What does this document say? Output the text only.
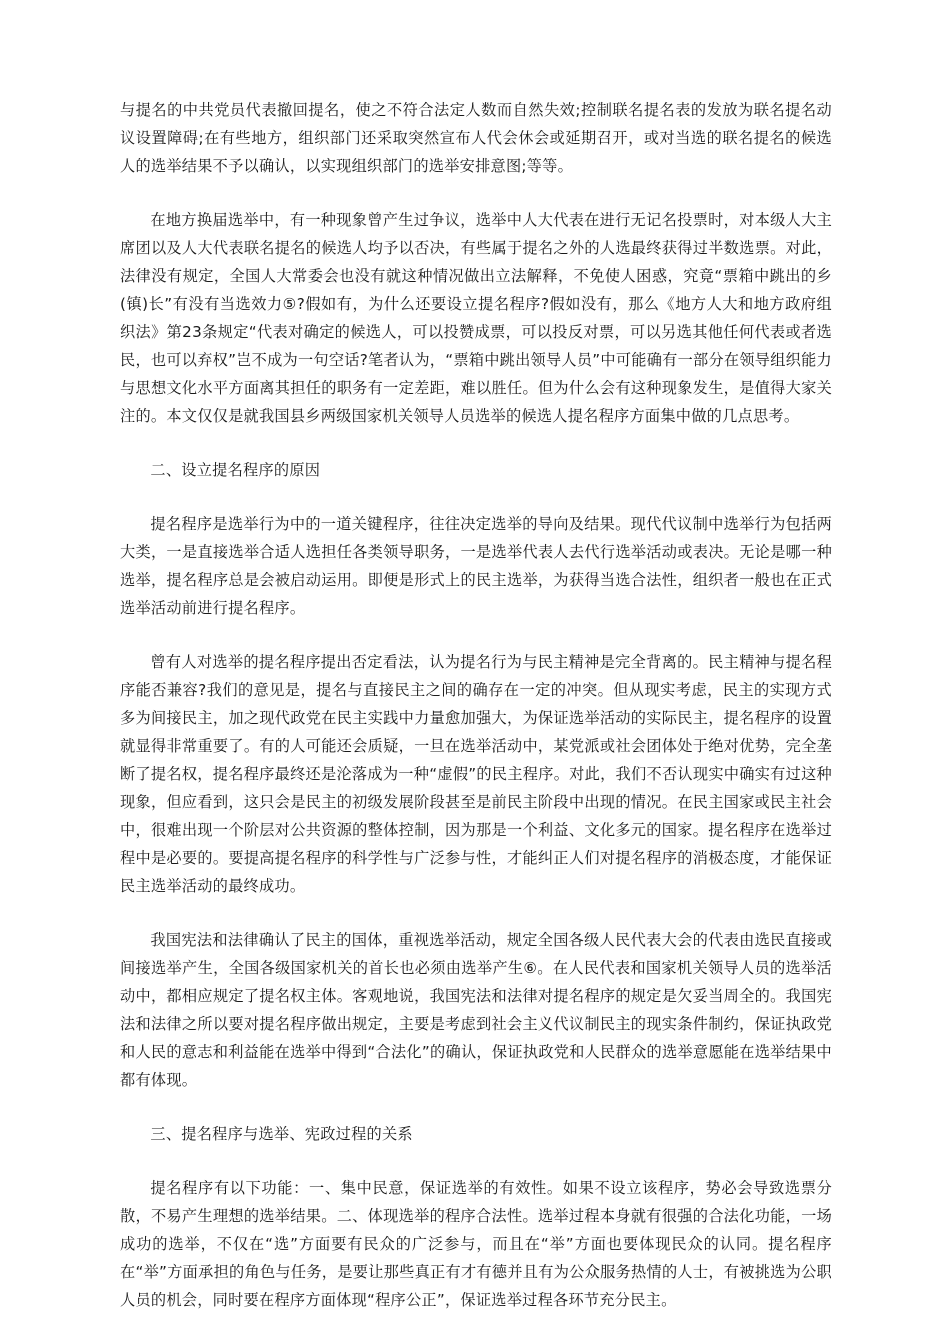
与提名的中共党员代表撤回提名，使之不符合法定人数而自然失效;控制联名提名表的发放为联名提名动议设置障碍;在有些地方，组织部门还采取突然宣布人代会休会或延期召开，或对当选的联名提名的候选人的选举结果不予以确认，以实现组织部门的选举安排意图;等等。

在地方换届选举中，有一种现象曾产生过争议，选举中人大代表在进行无记名投票时，对本级人大主席团以及人大代表联名提名的候选人均予以否决，有些属于提名之外的人选最终获得过半数选票。对此，法律没有规定，全国人大常委会也没有就这种情况做出立法解释，不免使人困惑，究竟“票箱中跳出的乡(镇)长”有没有当选效力⑤?假如有，为什么还要设立提名程序?假如没有，那么《地方人大和地方政府组织法》第23条规定“代表对确定的候选人，可以投赞成票，可以投反对票，可以另选其他任何代表或者选民，也可以弃权”岂不成为一句空话?笔者认为，“票箱中跳出领导人员”中可能确有一部分在领导组织能力与思想文化水平方面离其担任的职务有一定差距，难以胜任。但为什么会有这种现象发生，是值得大家关注的。本文仅仅是就我国县乡两级国家机关领导人员选举的候选人提名程序方面集中做的几点思考。

二、设立提名程序的原因

提名程序是选举行为中的一道关键程序，往往决定选举的导向及结果。现代代议制中选举行为包括两大类，一是直接选举合适人选担任各类领导职务，一是选举代表人去代行选举活动或表决。无论是哪一种选举，提名程序总是会被启动运用。即便是形式上的民主选举，为获得当选合法性，组织者一般也在正式选举活动前进行提名程序。

曾有人对选举的提名程序提出否定看法，认为提名行为与民主精神是完全背离的。民主精神与提名程序能否兼容?我们的意见是，提名与直接民主之间的确存在一定的冲突。但从现实考虑，民主的实现方式多为间接民主，加之现代政党在民主实践中力量愈加强大，为保证选举活动的实际民主，提名程序的设置就显得非常重要了。有的人可能还会质疑，一旦在选举活动中，某党派或社会团体处于绝对优势，完全垄断了提名权，提名程序最终还是沦落成为一种“虚假”的民主程序。对此，我们不否认现实中确实有过这种现象，但应看到，这只会是民主的初级发展阶段甚至是前民主阶段中出现的情况。在民主国家或民主社会中，很难出现一个阶层对公共资源的整体控制，因为那是一个利益、文化多元的国家。提名程序在选举过程中是必要的。要提高提名程序的科学性与广泛参与性，才能纠正人们对提名程序的消极态度，才能保证民主选举活动的最终成功。

我国宪法和法律确认了民主的国体，重视选举活动，规定全国各级人民代表大会的代表由选民直接或间接选举产生，全国各级国家机关的首长也必须由选举产生⑥。在人民代表和国家机关领导人员的选举活动中，都相应规定了提名权主体。客观地说，我国宪法和法律对提名程序的规定是欠妥当周全的。我国宪法和法律之所以要对提名程序做出规定，主要是考虑到社会主义代议制民主的现实条件制约，保证执政党和人民的意志和利益能在选举中得到“合法化”的确认，保证执政党和人民群众的选举意愿能在选举结果中都有体现。

三、提名程序与选举、宪政过程的关系

提名程序有以下功能：一、集中民意，保证选举的有效性。如果不设立该程序，势必会导致选票分散，不易产生理想的选举结果。二、体现选举的程序合法性。选举过程本身就有很强的合法化功能，一场成功的选举，不仅在“选”方面要有民众的广泛参与，而且在“举”方面也要体现民众的认同。提名程序在“举”方面承担的角色与任务，是要让那些真正有才有德并且有为公众服务热情的人士，有被挑选为公职人员的机会，同时要在程序方面体现“程序公正”，保证选举过程各环节充分民主。
